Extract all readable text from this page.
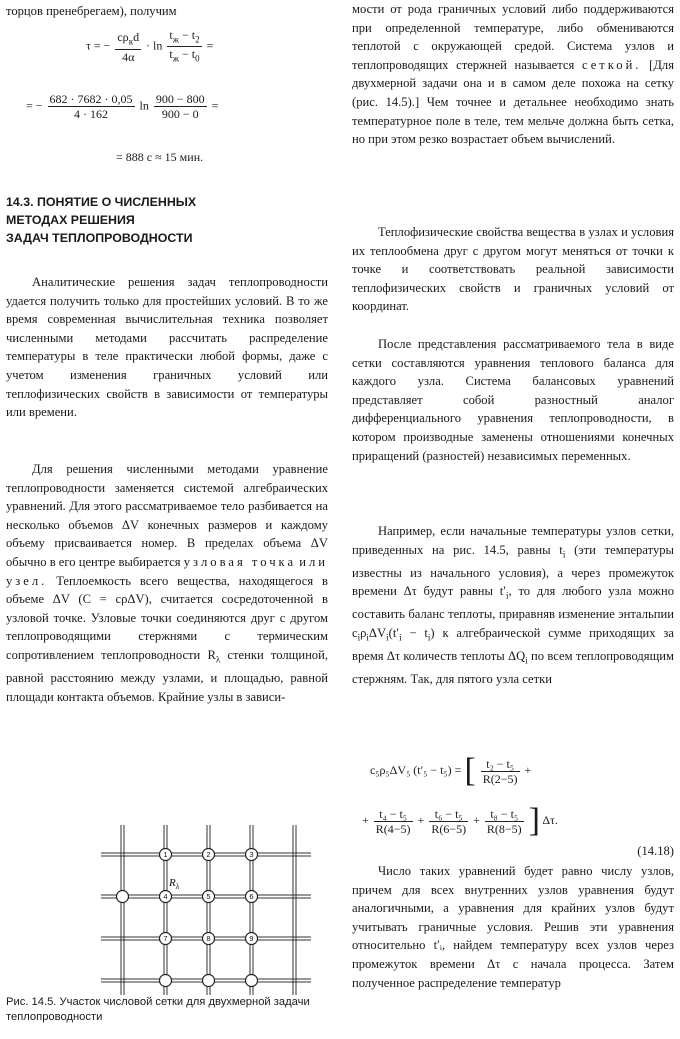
торцов пренебрегаем), получим

τ = − $\frac{c\rho_кd}{4\alpha} \cdot \ln \frac{t_ж - t_2}{t_ж - t_0}$ =
= − $\frac{682 \cdot 7682 \cdot 0,05}{4 \cdot 162}$ $\ln \frac{900 - 800}{900 - 0}$ =
= 888 с ≈ 15 мин.
14.3. ПОНЯТИЕ О ЧИСЛЕННЫХ
МЕТОДАХ РЕШЕНИЯ
ЗАДАЧ ТЕПЛОПРОВОДНОСТИ

Аналитические решения задач теплопроводности удается получить только для простейших условий. В то же время современная вычислительная техника позволяет численными методами рассчитать распределение температуры в теле практически любой формы, даже с учетом изменения граничных условий или теплофизических свойств в зависимости от температуры или времени.

Для решения численными методами уравнение теплопроводности заменяется системой алгебраических уравнений. Для этого рассматриваемое тело разбивается на несколько объемов ΔV конечных размеров и каждому объему присваивается номер. В пределах объема ΔV обычно в его центре выбирается узловая точка или узел. Теплоемкость всего вещества, находящегося в объеме ΔV (C = cρΔV), считается сосредоточенной в узловой точке. Узловые точки соединяются друг с другом теплопроводящими стержнями с термическим сопротивлением теплопроводности $R_\lambda$ стенки толщиной, равной расстоянию между узлами, и площадью, равной площади контакта объемов. Крайние узлы в зависи-

1	2	3
4	5	6
7	8	9
$R_\lambda$
Рис. 14.5. Участок числовой сетки для двухмерной задачи теплопроводности

мости от рода граничных условий либо поддерживаются при определенной температуре, либо обмениваются теплотой с окружающей средой. Система узлов и теплопроводящих стержней называется сеткой. [Для двухмерной задачи она и в самом деле похожа на сетку (рис. 14.5).] Чем точнее и детальнее необходимо знать температурное поле в теле, тем мельче должна быть сетка, но при этом резко возрастает объем вычислений.

Теплофизические свойства вещества в узлах и условия их теплообмена друг с другом могут меняться от точки к точке и соответствовать реальной зависимости теплофизических свойств и граничных условий от координат.

После представления рассматриваемого тела в виде сетки составляются уравнения теплового баланса для каждого узла. Система балансовых уравнений представляет собой разностный аналог дифференциального уравнения теплопроводности, в котором производные заменены отношениями конечных приращений (разностей) независимых переменных.

Например, если начальные температуры узлов сетки, приведенных на рис. 14.5, равны $t_i$ (эти температуры известны из начального условия), а через промежуток времени Δτ будут равны $t'_i$, то для любого узла можно составить баланс теплоты, приравняв изменение энтальпии $c_i\rho_i\Delta V_i(t'_i - t_i)$ к алгебраической сумме приходящих за время Δτ количеств теплоты $\Delta Q_i$ по всем теплопроводящим стержням. Так, для пятого узла сетки

c₅ρ₅ΔV₅ (t′₅ − t₅) = [ $\frac{\text{t₂ − t₅}}{R(2-5)}$ +
+ $\frac{\text{t₄ − t₅}}{R(4-5)} + \frac{\text{t₆ − t₅}}{R(6-5)} + \frac{\text{t₈ − t₅}}{R(8-5)}$ ] Δτ.
(14.18)

Число таких уравнений будет равно числу узлов, причем для всех внутренних узлов уравнения будут аналогичными, а уравнения для крайних узлов будут учитывать граничные условия. Решив эти уравнения относительно t′ᵢ, найдем температуру всех узлов через промежуток времени Δτ с начала процесса. Затем полученное распределение температур
